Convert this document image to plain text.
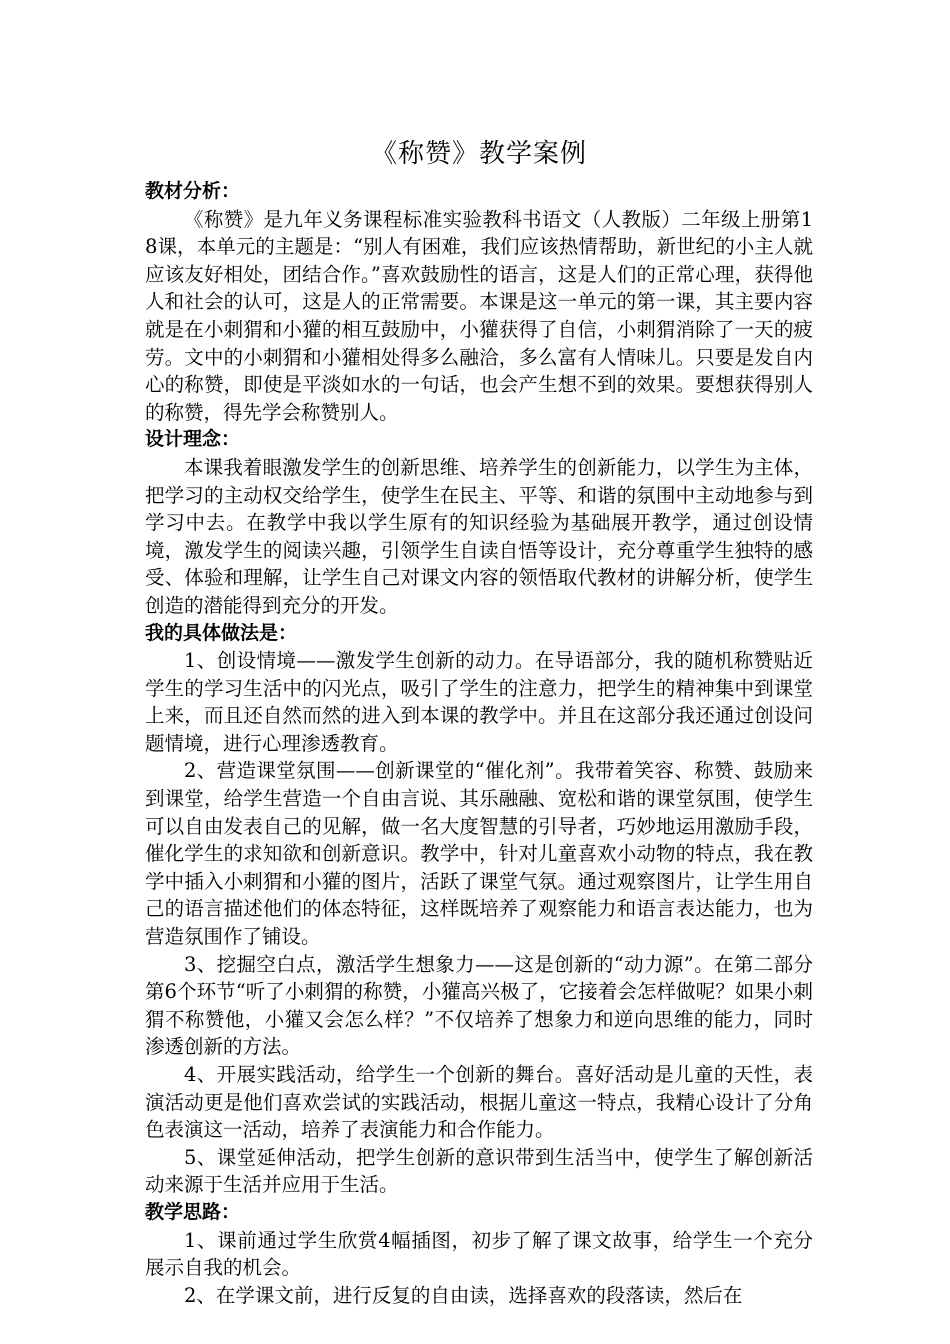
《称赞》教学案例
教材分析：

《称赞》是九年义务课程标准实验教科书语文（人教版）二年级上册第18课，本单元的主题是：“别人有困难，我们应该热情帮助，新世纪的小主人就应该友好相处，团结合作。”喜欢鼓励性的语言，这是人们的正常心理，获得他人和社会的认可，这是人的正常需要。本课是这一单元的第一课，其主要内容就是在小刺猬和小獾的相互鼓励中，小獾获得了自信，小刺猬消除了一天的疲劳。文中的小刺猬和小獾相处得多么融洽，多么富有人情味儿。只要是发自内心的称赞，即使是平淡如水的一句话，也会产生想不到的效果。要想获得别人的称赞，得先学会称赞别人。

设计理念：

本课我着眼激发学生的创新思维、培养学生的创新能力，以学生为主体，把学习的主动权交给学生，使学生在民主、平等、和谐的氛围中主动地参与到学习中去。在教学中我以学生原有的知识经验为基础展开教学，通过创设情境，激发学生的阅读兴趣，引领学生自读自悟等设计，充分尊重学生独特的感受、体验和理解，让学生自己对课文内容的领悟取代教材的讲解分析，使学生创造的潜能得到充分的开发。

我的具体做法是：

1、创设情境——激发学生创新的动力。在导语部分，我的随机称赞贴近学生的学习生活中的闪光点，吸引了学生的注意力，把学生的精神集中到课堂上来，而且还自然而然的进入到本课的教学中。并且在这部分我还通过创设问题情境，进行心理渗透教育。

2、营造课堂氛围——创新课堂的“催化剂”。我带着笑容、称赞、鼓励来到课堂，给学生营造一个自由言说、其乐融融、宽松和谐的课堂氛围，使学生可以自由发表自己的见解，做一名大度智慧的引导者，巧妙地运用激励手段，催化学生的求知欲和创新意识。教学中，针对儿童喜欢小动物的特点，我在教学中插入小刺猬和小獾的图片，活跃了课堂气氛。通过观察图片，让学生用自己的语言描述他们的体态特征，这样既培养了观察能力和语言表达能力，也为营造氛围作了铺设。

3、挖掘空白点，激活学生想象力——这是创新的“动力源”。在第二部分第6个环节“听了小刺猬的称赞，小獾高兴极了，它接着会怎样做呢？如果小刺猬不称赞他，小獾又会怎么样？”不仅培养了想象力和逆向思维的能力，同时渗透创新的方法。

4、开展实践活动，给学生一个创新的舞台。喜好活动是儿童的天性，表演活动更是他们喜欢尝试的实践活动，根据儿童这一特点，我精心设计了分角色表演这一活动，培养了表演能力和合作能力。

5、课堂延伸活动，把学生创新的意识带到生活当中，使学生了解创新活动来源于生活并应用于生活。

教学思路：

1、课前通过学生欣赏4幅插图，初步了解了课文故事，给学生一个充分展示自我的机会。

2、在学课文前，进行反复的自由读，选择喜欢的段落读，然后在
